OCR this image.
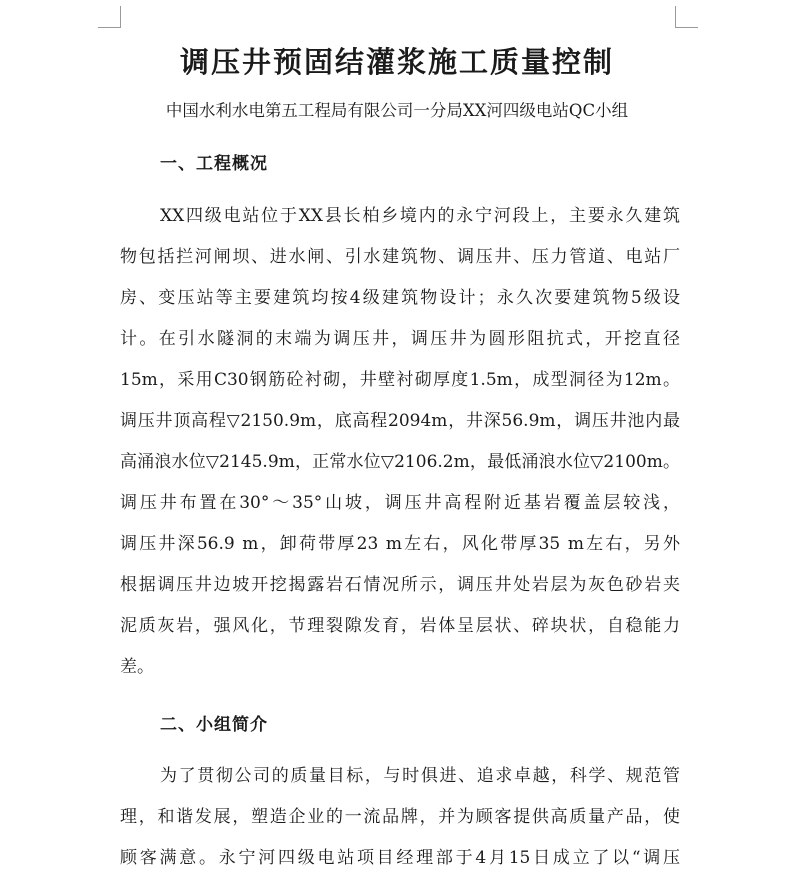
调压井预固结灌浆施工质量控制
中国水利水电第五工程局有限公司一分局XX河四级电站QC小组
一、工程概况
XX四级电站位于XX县长柏乡境内的永宁河段上，主要永久建筑
物包括拦河闸坝、进水闸、引水建筑物、调压井、压力管道、电站厂
房、变压站等主要建筑均按4级建筑物设计；永久次要建筑物5级设
计。在引水隧洞的末端为调压井，调压井为圆形阻抗式，开挖直径
15m，采用C30钢筋砼衬砌，井壁衬砌厚度1.5m，成型洞径为12m。
调压井顶高程▽2150.9m，底高程2094m，井深56.9m，调压井池内最
高涌浪水位▽2145.9m，正常水位▽2106.2m，最低涌浪水位▽2100m。
调压井布置在30°～35°山坡，调压井高程附近基岩覆盖层较浅，
调压井深56.9 m，卸荷带厚23 m左右，风化带厚35 m左右，另外
根据调压井边坡开挖揭露岩石情况所示，调压井处岩层为灰色砂岩夹
泥质灰岩，强风化，节理裂隙发育，岩体呈层状、碎块状，自稳能力
差。
二、小组简介
为了贯彻公司的质量目标，与时俱进、追求卓越，科学、规范管
理，和谐发展，塑造企业的一流品牌，并为顾客提供高质量产品，使
顾客满意。永宁河四级电站项目经理部于4月15日成立了以“调压
